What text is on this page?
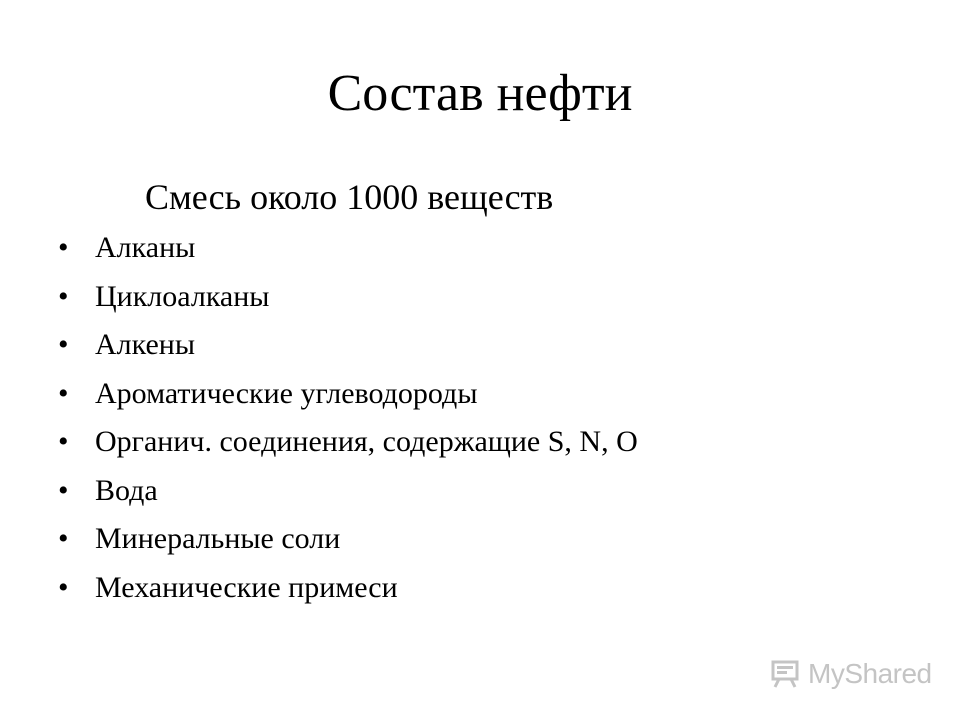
Состав нефти

Смесь около 1000 веществ

• Алканы
• Циклоалканы
• Алкены
• Ароматические углеводороды
• Органич. соединения, содержащие S, N, O
• Вода
• Минеральные соли
• Механические примеси
MyShared
